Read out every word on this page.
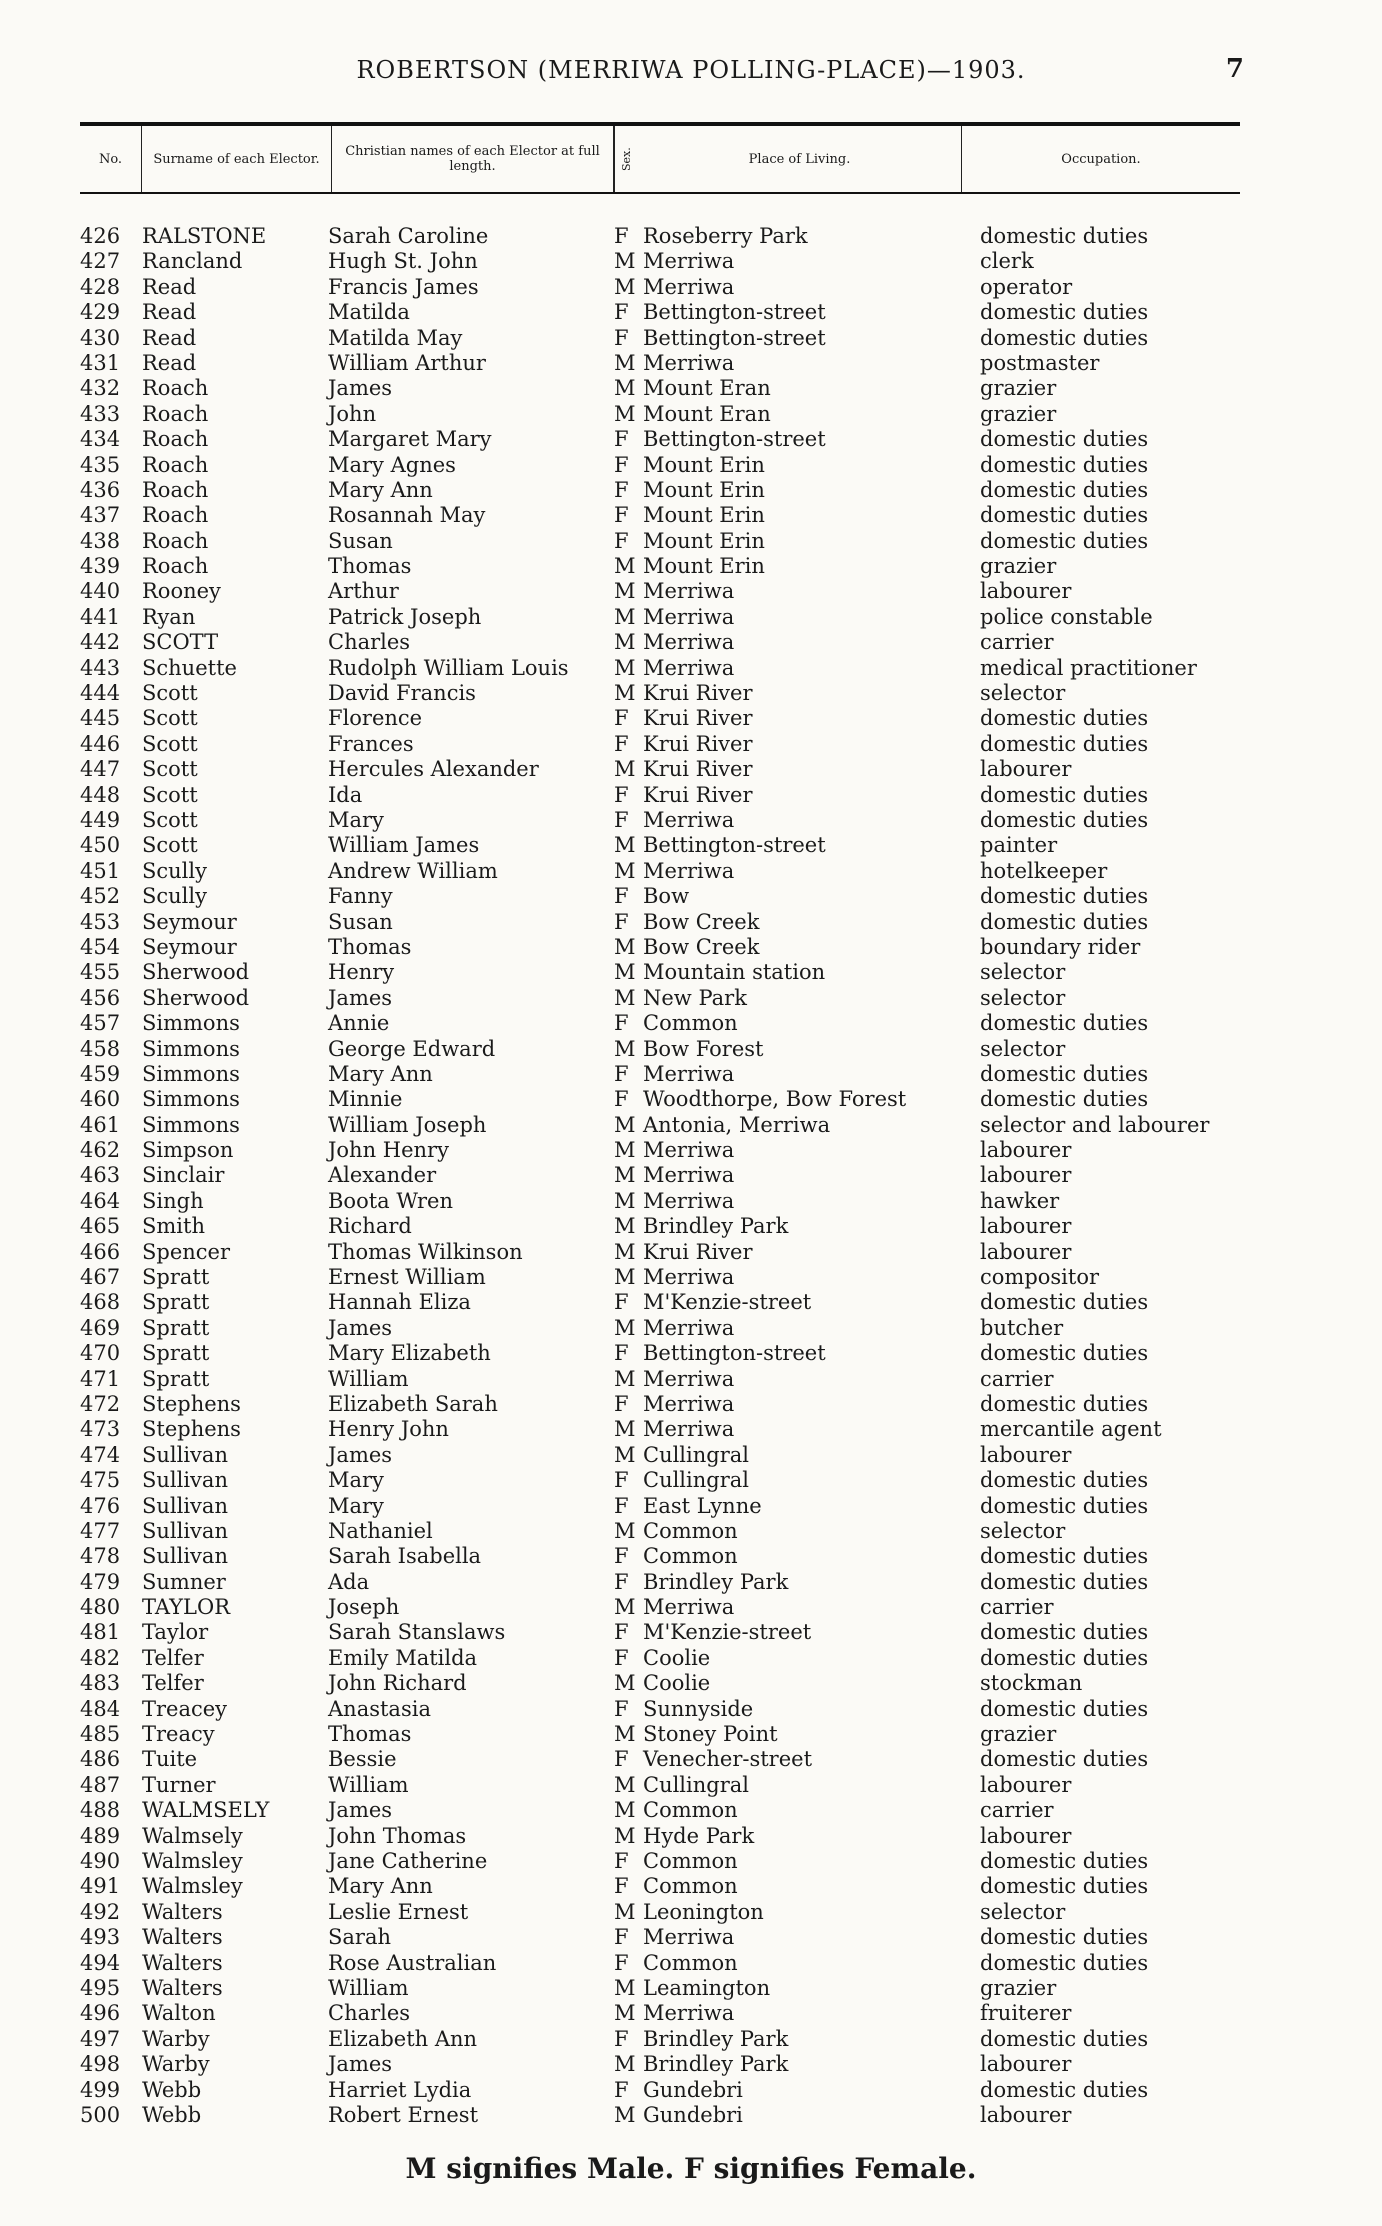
ROBERTSON (MERRIWA POLLING-PLACE)—1903.	7
No.	Surname of each Elector.	Christian names of each Elector at full length.	Sex.	Place of Living.	Occupation.
426	RALSTONE	Sarah Caroline	F Roseberry Park	domestic duties
427	Rancland	Hugh St. John	M Merriwa	clerk
428	Read	Francis James	M Merriwa	operator
429	Read	Matilda	F Bettington-street	domestic duties
430	Read	Matilda May	F Bettington-street	domestic duties
431	Read	William Arthur	M Merriwa	postmaster
432	Roach	James	M Mount Eran	grazier
433	Roach	John	M Mount Eran	grazier
434	Roach	Margaret Mary	F Bettington-street	domestic duties
435	Roach	Mary Agnes	F Mount Erin	domestic duties
436	Roach	Mary Ann	F Mount Erin	domestic duties
437	Roach	Rosannah May	F Mount Erin	domestic duties
438	Roach	Susan	F Mount Erin	domestic duties
439	Roach	Thomas	M Mount Erin	grazier
440	Rooney	Arthur	M Merriwa	labourer
441	Ryan	Patrick Joseph	M Merriwa	police constable
442	SCOTT	Charles	M Merriwa	carrier
443	Schuette	Rudolph William Louis M Merriwa	medical practitioner
444	Scott	David Francis	M Krui River	selector
445	Scott	Florence	F Krui River	domestic duties
446	Scott	Frances	F Krui River	domestic duties
447	Scott	Hercules Alexander	M Krui River	labourer
448	Scott	Ida	F Krui River	domestic duties
449	Scott	Mary	F Merriwa	domestic duties
450	Scott	William James	M Bettington-street	painter
451	Scully	Andrew William	M Merriwa	hotelkeeper
452	Scully	Fanny	F Bow	domestic duties
453	Seymour	Susan	F Bow Creek	domestic duties
454	Seymour	Thomas	M Bow Creek	boundary rider
455	Sherwood	Henry	M Mountain station	selector
456	Sherwood	James	M New Park	selector
457	Simmons	Annie	F Common	domestic duties
458	Simmons	George Edward	M Bow Forest	selector
459	Simmons	Mary Ann	F Merriwa	domestic duties
460	Simmons	Minnie	F Woodthorpe, Bow Forest	domestic duties
461	Simmons	William Joseph	M Antonia, Merriwa	selector and labourer
462	Simpson	John Henry	M Merriwa	labourer
463	Sinclair	Alexander	M Merriwa	labourer
464	Singh	Boota Wren	M Merriwa	hawker
465	Smith	Richard	M Brindley Park	labourer
466	Spencer	Thomas Wilkinson	M Krui River	labourer
467	Spratt	Ernest William	M Merriwa	compositor
468	Spratt	Hannah Eliza	F M'Kenzie-street	domestic duties
469	Spratt	James	M Merriwa	butcher
470	Spratt	Mary Elizabeth	F Bettington-street	domestic duties
471	Spratt	William	M Merriwa	carrier
472	Stephens	Elizabeth Sarah	F Merriwa	domestic duties
473	Stephens	Henry John	M Merriwa	mercantile agent
474	Sullivan	James	M Cullingral	labourer
475	Sullivan	Mary	F Cullingral	domestic duties
476	Sullivan	Mary	F East Lynne	domestic duties
477	Sullivan	Nathaniel	M Common	selector
478	Sullivan	Sarah Isabella	F Common	domestic duties
479	Sumner	Ada	F Brindley Park	domestic duties
480	TAYLOR	Joseph	M Merriwa	carrier
481	Taylor	Sarah Stanslaws	F M'Kenzie-street	domestic duties
482	Telfer	Emily Matilda	F Coolie	domestic duties
483	Telfer	John Richard	M Coolie	stockman
484	Treacey	Anastasia	F Sunnyside	domestic duties
485	Treacy	Thomas	M Stoney Point	grazier
486	Tuite	Bessie	F Venecher-street	domestic duties
487	Turner	William	M Cullingral	labourer
488	WALMSELY	James	M Common	carrier
489	Walmsely	John Thomas	M Hyde Park	labourer
490	Walmsley	Jane Catherine	F Common	domestic duties
491	Walmsley	Mary Ann	F Common	domestic duties
492	Walters	Leslie Ernest	M Leonington	selector
493	Walters	Sarah	F Merriwa	domestic duties
494	Walters	Rose Australian	F Common	domestic duties
495	Walters	William	M Leamington	grazier
496	Walton	Charles	M Merriwa	fruiterer
497	Warby	Elizabeth Ann	F Brindley Park	domestic duties
498	Warby	James	M Brindley Park	labourer
499	Webb	Harriet Lydia	F Gundebri	domestic duties
500	Webb	Robert Ernest	M Gundebri	labourer
M signifies Male. F signifies Female.
